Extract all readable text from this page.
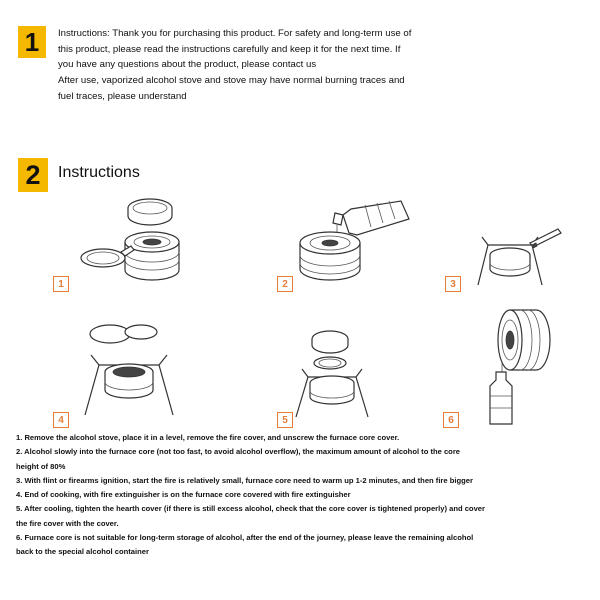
1	Instructions: Thank you for purchasing this product. For safety and long-term use of

this product, please read the instructions carefully and keep it for the next time. If

you have any questions about the product, please contact us

After use, vaporized alcohol stove and stove may have normal burning traces and

fuel traces, please understand

2	Instructions
1	2	3
4	5	6

1. Remove the alcohol stove, place it in a level, remove the fire cover, and unscrew the furnace core cover.

2. Alcohol slowly into the furnace core (not too fast, to avoid alcohol overflow), the maximum amount of alcohol to the core

height of 80%

3. With flint or firearms ignition, start the fire is relatively small, furnace core need to warm up 1-2 minutes, and then fire bigger

4. End of cooking, with fire extinguisher is on the furnace core covered with fire extinguisher

5. After cooling, tighten the hearth cover (if there is still excess alcohol, check that the core cover is tightened properly) and cover

the fire cover with the cover.

6. Furnace core is not suitable for long-term storage of alcohol, after the end of the journey, please leave the remaining alcohol

back to the special alcohol container
